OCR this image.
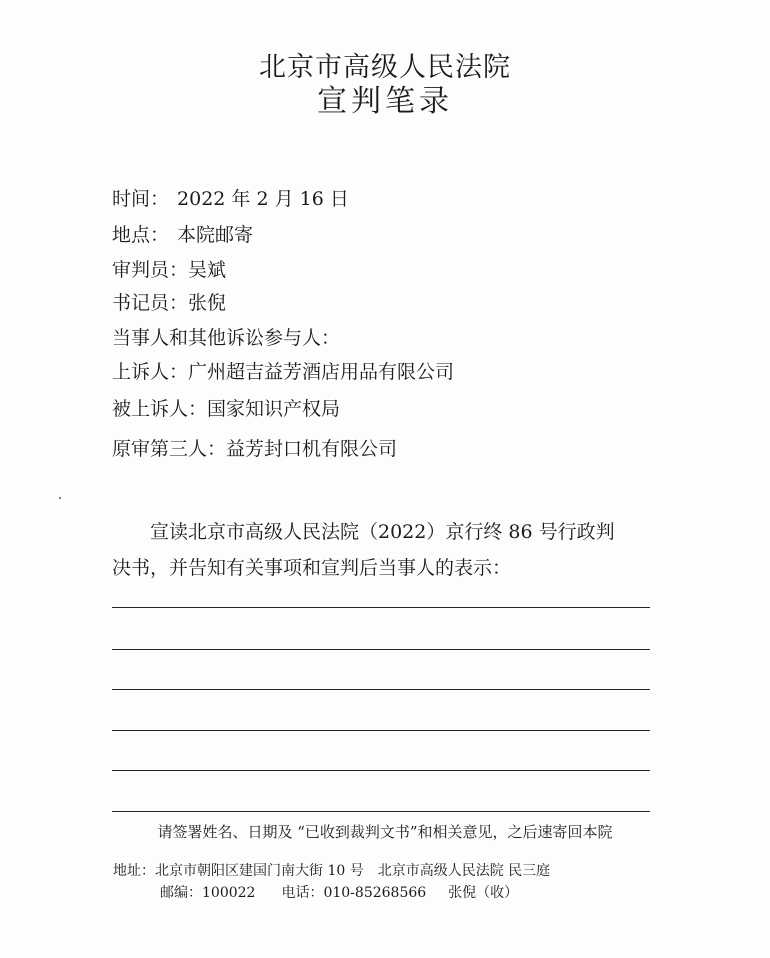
北京市高级人民法院
宣判笔录
时间： 2022 年 2 月 16 日
地点： 本院邮寄
审判员：吴斌
书记员：张倪
当事人和其他诉讼参与人：
上诉人：广州超吉益芳酒店用品有限公司
被上诉人：国家知识产权局
原审第三人：益芳封口机有限公司
宣读北京市高级人民法院（2022）京行终 86 号行政判
决书，并告知有关事项和宣判后当事人的表示：
请签署姓名、日期及 “已收到裁判文书”和相关意见，之后速寄回本院
地址：北京市朝阳区建国门南大街 10 号 北京市高级人民法院 民三庭
邮编：100022 电话：010-85268566 张倪（收）
